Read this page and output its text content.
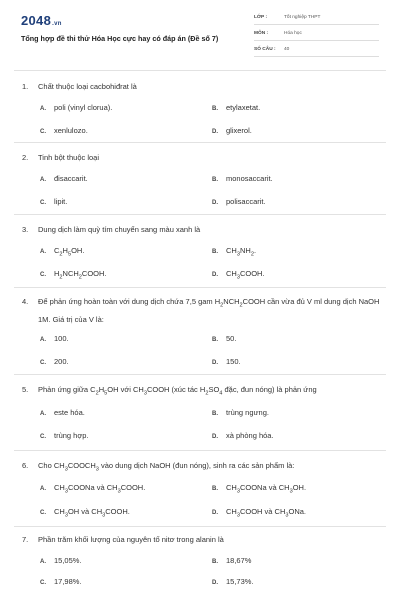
2048.vn
Tổng hợp đề thi thử Hóa Học cực hay có đáp án (Đề số 7)
LỚP :	Tốt nghiệp THPT
MÔN :	Hóa học
SỐ CÂU : 40
1. Chất thuộc loại cacbohiđrat là
A. poli (vinyl clorua).	B. etylaxetat.
C. xenlulozo.	D. glixerol.
2. Tinh bột thuộc loại
A. đisaccarit.	B. monosaccarit.
C. lipit.	D. polisaccarit.
3. Dung dịch làm quỳ tím chuyển sang màu xanh là
A. $C_2H_5OH$.	B. $CH_3NH_2$.
C. $H_2NCH_2COOH$.	D. $CH_3COOH$.
4. Để phản ứng hoàn toàn với dung dịch chứa 7,5 gam $H_2NCH_2COOH$ cần vừa đủ V ml dung dịch NaOH 1M. Giá trị của V là:
A. 100.	B. 50.
C. 200.	D. 150.
5. Phản ứng giữa $C_2H_5OH$ với $CH_3COOH$ (xúc tác $H_2SO_4$ đặc, đun nóng) là phản ứng
A. este hóa.	B. trùng ngưng.
C. trùng hợp.	D. xà phòng hóa.
6. Cho $CH_3COOCH_3$ vào dung dịch NaOH (đun nóng), sinh ra các sản phẩm là:
A. $CH_3COONa$ và $CH_3COOH$.	B. $CH_3COONa$ và $CH_3OH$.
C. $CH_3OH$ và $CH_3COOH$.	D. $CH_3COOH$ và $CH_3ONa$.
7. Phần trăm khối lượng của nguyên tố nitơ trong alanin là
A. 15,05%.	B. 18,67%
C. 17,98%.	D. 15,73%.
